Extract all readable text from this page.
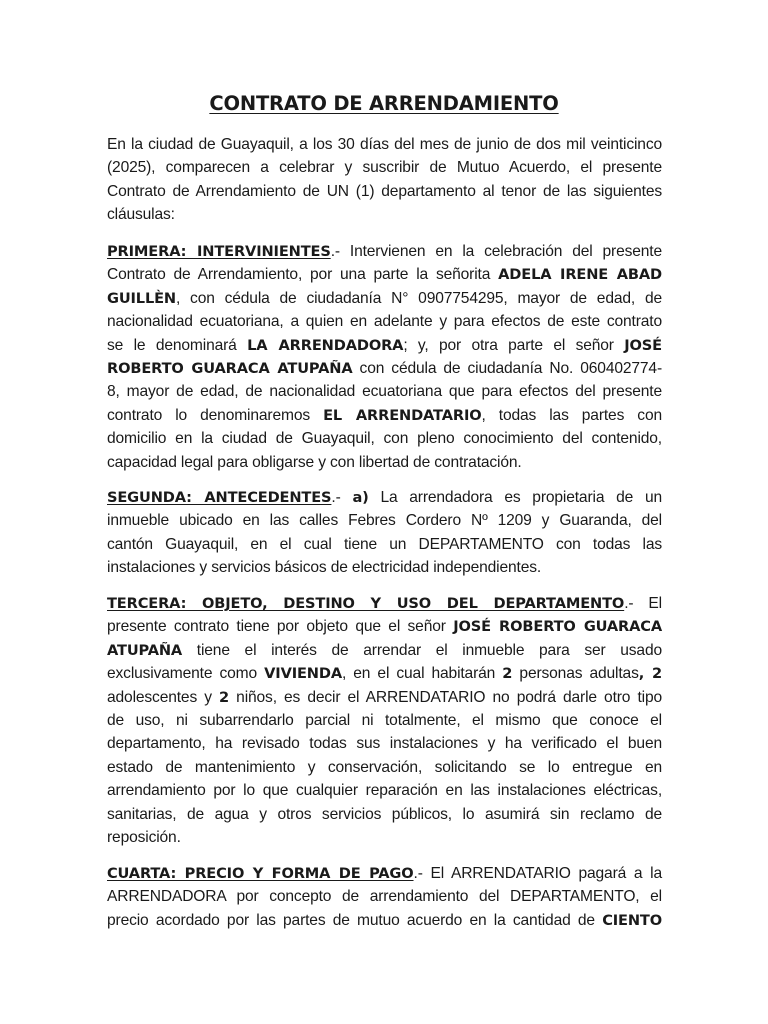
CONTRATO DE ARRENDAMIENTO
En la ciudad de Guayaquil, a los 30 días del mes de junio de dos mil veinticinco
(2025), comparecen a celebrar y suscribir de Mutuo Acuerdo, el presente
Contrato de Arrendamiento de UN (1) departamento al tenor de las siguientes
cláusulas:
PRIMERA: INTERVINIENTES.- Intervienen en la celebración del presente
Contrato de Arrendamiento, por una parte la señorita ADELA IRENE ABAD
GUILLÈN, con cédula de ciudadanía N° 0907754295, mayor de edad, de
nacionalidad ecuatoriana, a quien en adelante y para efectos de este contrato
se le denominará LA ARRENDADORA; y, por otra parte el señor JOSÉ
ROBERTO GUARACA ATUPAÑA con cédula de ciudadanía No. 060402774-
8, mayor de edad, de nacionalidad ecuatoriana que para efectos del presente
contrato lo denominaremos EL ARRENDATARIO, todas las partes con
domicilio en la ciudad de Guayaquil, con pleno conocimiento del contenido,
capacidad legal para obligarse y con libertad de contratación.
SEGUNDA: ANTECEDENTES.- a) La arrendadora es propietaria de un
inmueble ubicado en las calles Febres Cordero Nº 1209 y Guaranda, del
cantón Guayaquil, en el cual tiene un DEPARTAMENTO con todas las
instalaciones y servicios básicos de electricidad independientes.
TERCERA: OBJETO, DESTINO Y USO DEL DEPARTAMENTO.- El
presente contrato tiene por objeto que el señor JOSÉ ROBERTO GUARACA
ATUPAÑA tiene el interés de arrendar el inmueble para ser usado
exclusivamente como VIVIENDA, en el cual habitarán 2 personas adultas, 2
adolescentes y 2 niños, es decir el ARRENDATARIO no podrá darle otro tipo
de uso, ni subarrendarlo parcial ni totalmente, el mismo que conoce el
departamento, ha revisado todas sus instalaciones y ha verificado el buen
estado de mantenimiento y conservación, solicitando se lo entregue en
arrendamiento por lo que cualquier reparación en las instalaciones eléctricas,
sanitarias, de agua y otros servicios públicos, lo asumirá sin reclamo de
reposición.
CUARTA: PRECIO Y FORMA DE PAGO.- El ARRENDATARIO pagará a la
ARRENDADORA por concepto de arrendamiento del DEPARTAMENTO, el
precio acordado por las partes de mutuo acuerdo en la cantidad de CIENTO
